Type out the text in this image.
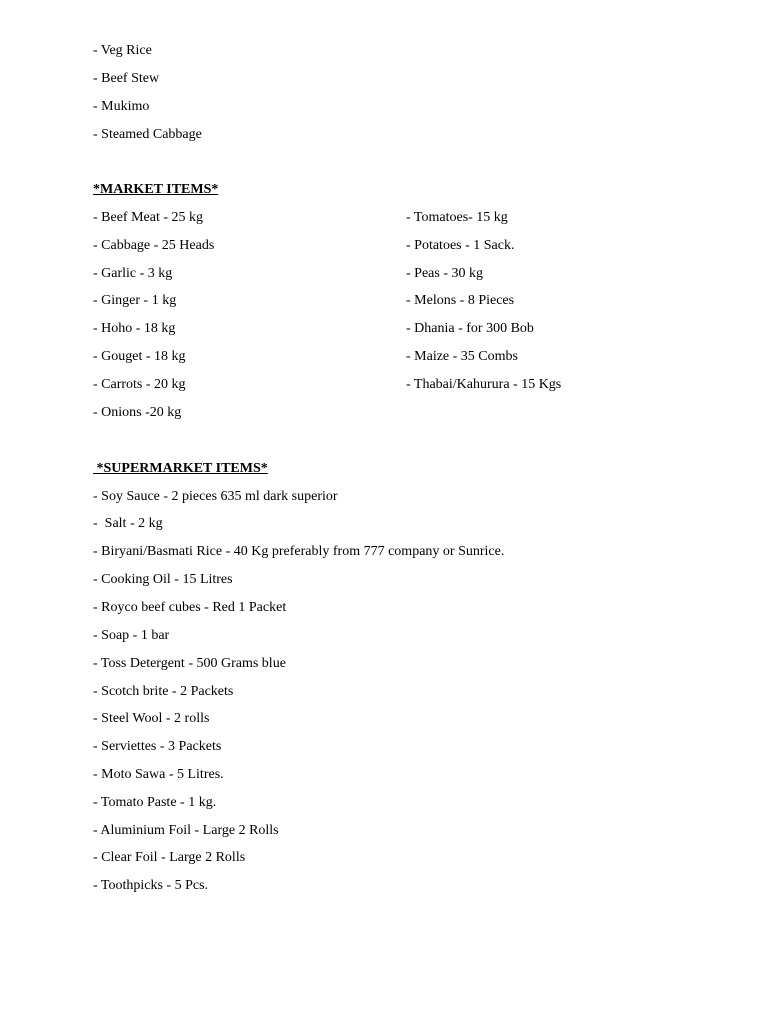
- Veg Rice
- Beef Stew
- Mukimo
- Steamed Cabbage
*MARKET ITEMS*
- Beef Meat - 25 kg
- Cabbage - 25 Heads
- Garlic - 3 kg
- Ginger - 1 kg
- Hoho - 18 kg
- Gouget - 18 kg
- Carrots - 20 kg
- Onions -20 kg
- Tomatoes- 15 kg
- Potatoes - 1 Sack.
- Peas - 30 kg
- Melons - 8 Pieces
- Dhania - for 300 Bob
- Maize - 35 Combs
- Thabai/Kahurura - 15 Kgs
*SUPERMARKET ITEMS*
- Soy Sauce - 2 pieces 635 ml dark superior
-  Salt - 2 kg
- Biryani/Basmati Rice - 40 Kg preferably from 777 company or Sunrice.
- Cooking Oil - 15 Litres
- Royco beef cubes - Red 1 Packet
- Soap - 1 bar
- Toss Detergent - 500 Grams blue
- Scotch brite - 2 Packets
- Steel Wool - 2 rolls
- Serviettes - 3 Packets
- Moto Sawa - 5 Litres.
- Tomato Paste - 1 kg.
- Aluminium Foil - Large 2 Rolls
- Clear Foil - Large 2 Rolls
- Toothpicks - 5 Pcs.
